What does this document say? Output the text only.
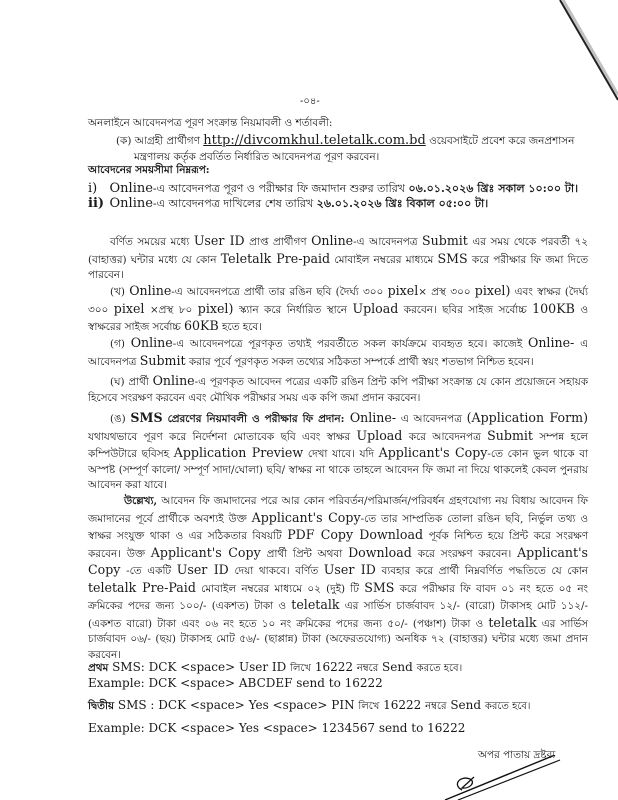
-০৪-
অনলাইনে আবেদনপত্র পূরণ সংক্রান্ত নিয়মাবলী ও শর্তাবলী:
(ক) আগ্রহী প্রার্থীগণ http://divcomkhul.teletalk.com.bd ওয়েবসাইটে প্রবেশ করে জনপ্রশাসন
মন্ত্রণালয় কর্তৃক প্রবর্তিত নির্ধারিত আবেদনপত্র পূরণ করবেন।
আবেদনের সময়সীমা নিম্নরূপ:
i) Online-এ আবেদনপত্র পূরণ ও পরীক্ষার ফি জমাদান শুরুর তারিখ ০৬.০১.২০২৬ খ্রিঃ সকাল ১০:০০ টা।
ii) Online-এ আবেদনপত্র দাখিলের শেষ তারিখ ২৬.০১.২০২৬ খ্রিঃ বিকাল ০৫:০০ টা।

বর্ণিত সময়ের মধ্যে User ID প্রাপ্ত প্রার্থীগণ Online-এ আবেদনপত্র Submit এর সময় থেকে পরবর্তী ৭২ (বাহাত্তর) ঘন্টার মধ্যে যে কোন Teletalk Pre-paid মোবাইল নম্বরের মাধ্যমে SMS করে পরীক্ষার ফি জমা দিতে পারবেন।

(খ) Online-এ আবেদনপত্রে প্রার্থী তার রঙিন ছবি (দৈর্ঘ্য ৩০০ pixel× প্রস্থ ৩০০ pixel) এবং স্বাক্ষর (দৈর্ঘ্য ৩০০ pixel ×প্রস্থ ৮০ pixel) স্ক্যান করে নির্ধারিত স্থানে Upload করবেন। ছবির সাইজ সর্বোচ্চ 100KB ও স্বাক্ষরের সাইজ সর্বোচ্চ 60KB হতে হবে।

(গ) Online-এ আবেদনপত্রে পূরণকৃত তথ্যই পরবর্তীতে সকল কার্যক্রমে ব্যবহৃত হবে। কাজেই Online- এ আবেদনপত্র Submit করার পূর্বে পূরণকৃত সকল তথ্যের সঠিকতা সম্পর্কে প্রার্থী স্বয়ং শতভাগ নিশ্চিত হবেন।

(ঘ) প্রার্থী Online-এ পূরণকৃত আবেদন পত্রের একটি রঙিন প্রিন্ট কপি পরীক্ষা সংক্রান্ত যে কোন প্রয়োজনে সহায়ক হিসেবে সংরক্ষণ করবেন এবং মৌখিক পরীক্ষার সময় এক কপি জমা প্রদান করবেন।

(ঙ) SMS প্রেরণের নিয়মাবলী ও পরীক্ষার ফি প্রদান: Online- এ আবেদনপত্র (Application Form) যথাযথভাবে পূরণ করে নির্দেশনা মোতাবেক ছবি এবং স্বাক্ষর Upload করে আবেদনপত্র Submit সম্পন্ন হলে কম্পিউটারে ছবিসহ Application Preview দেখা যাবে। যদি Applicant's Copy-তে কোন ভুল থাকে বা অস্পষ্ট (সম্পূর্ণ কালো/ সম্পূর্ণ সাদা/ঘোলা) ছবি/ স্বাক্ষর না থাকে তাহলে আবেদন ফি জমা না দিয়ে থাকলেই কেবল পুনরায় আবেদন করা যাবে।

উল্লেখ্য, আবেদন ফি জমাদানের পরে আর কোন পরিবর্তন/পরিমার্জন/পরিবর্ধন গ্রহণযোগ্য নয় বিধায় আবেদন ফি জমাদানের পূর্বে প্রার্থীকে অবশ্যই উক্ত Applicant's Copy-তে তার সাম্প্রতিক তোলা রঙিন ছবি, নির্ভুল তথ্য ও স্বাক্ষর সংযুক্ত থাকা ও এর সঠিকতার বিষয়টি PDF Copy Download পূর্বক নিশ্চিত হয়ে প্রিন্ট করে সংরক্ষণ করবেন। উক্ত Applicant's Copy প্রার্থী প্রিন্ট অথবা Download করে সংরক্ষণ করবেন। Applicant's Copy -তে একটি User ID দেয়া থাকবে। বর্ণিত User ID ব্যবহার করে প্রার্থী নিম্নবর্ণিত পদ্ধতিতে যে কোন teletalk Pre-Paid মোবাইল নম্বরের মাধ্যমে ০২ (দুই) টি SMS করে পরীক্ষার ফি বাবদ ০১ নং হতে ০৫ নং ক্রমিকের পদের জন্য ১০০/- (একশত) টাকা ও teletalk এর সার্ভিস চার্জবাবদ ১২/- (বারো) টাকাসহ মোট ১১২/- (একশত বারো) টাকা এবং ০৬ নং হতে ১০ নং ক্রমিকের পদের জন্য ৫০/- (পঞ্চাশ) টাকা ও teletalk এর সার্ভিস চার্জবাবদ ০৬/- (ছয়) টাকাসহ মোট ৫৬/- (ছাপ্পান্ন) টাকা (অফেরতযোগ্য) অনধিক ৭২ (বাহাত্তর) ঘন্টার মধ্যে জমা প্রদান করবেন।

প্রথম SMS: DCK <space> User ID লিখে 16222 নম্বরে Send করতে হবে।
Example: DCK <space> ABCDEF send to 16222
দ্বিতীয় SMS : DCK <space> Yes <space> PIN লিখে 16222 নম্বরে Send করতে হবে।
Example: DCK <space> Yes <space> 1234567 send to 16222
অপর পাতায় দ্রষ্টব্য
